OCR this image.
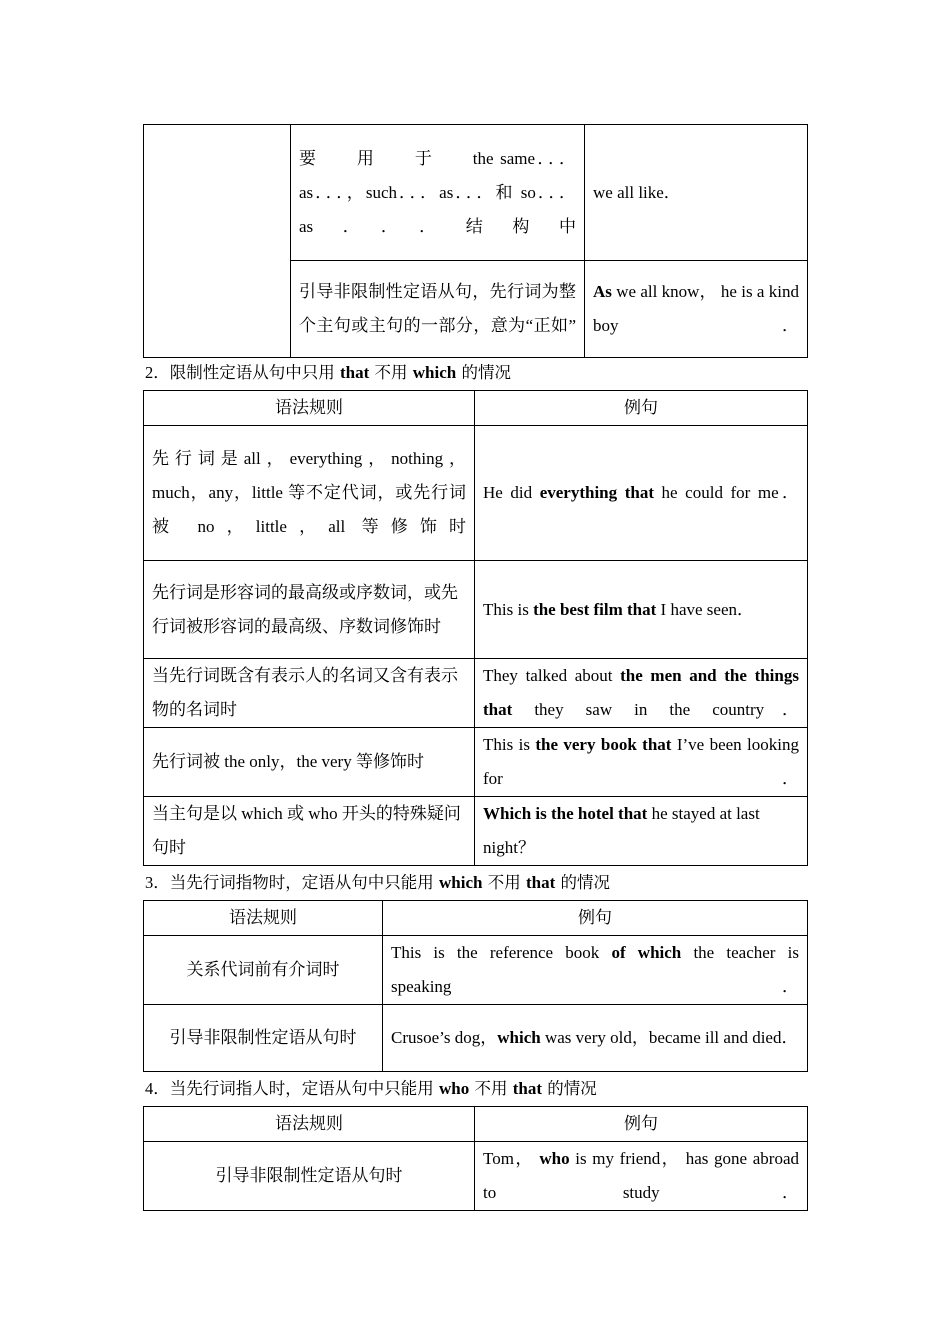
	要　　用　　于　　the same．．．as．．．，such．．．as．．．和 so．．．as．．．结构中	we all like．
	引导非限制性定语从句，先行词为整个主句或主句的一部分，意为“正如”	As we all know， he is a kind boy．
2．限制性定语从句中只用 that 不用 which 的情况
语法规则	例句
先行词是all，everything，nothing，much，any，little 等不定代词，或先行词被 no，little，all 等修饰时	He did everything that he could for me．
先行词是形容词的最高级或序数词，或先行词被形容词的最高级、序数词修饰时	This is the best film that I have seen．
当先行词既含有表示人的名词又含有表示物的名词时	They talked about the men and the things that they saw in the country．
先行词被 the only，the very 等修饰时	This is the very book that I’ve been looking for．
当主句是以 which 或 who 开头的特殊疑问句时	Which is the hotel that he stayed at last night？
3．当先行词指物时，定语从句中只能用 which 不用 that 的情况
语法规则	例句
关系代词前有介词时	This is the reference book of which the teacher is speaking．
引导非限制性定语从句时	Crusoe’s dog，which was very old，became ill and died．
4．当先行词指人时，定语从句中只能用 who 不用 that 的情况
语法规则	例句
引导非限制性定语从句时	Tom， who is my friend， has gone abroad to study．
